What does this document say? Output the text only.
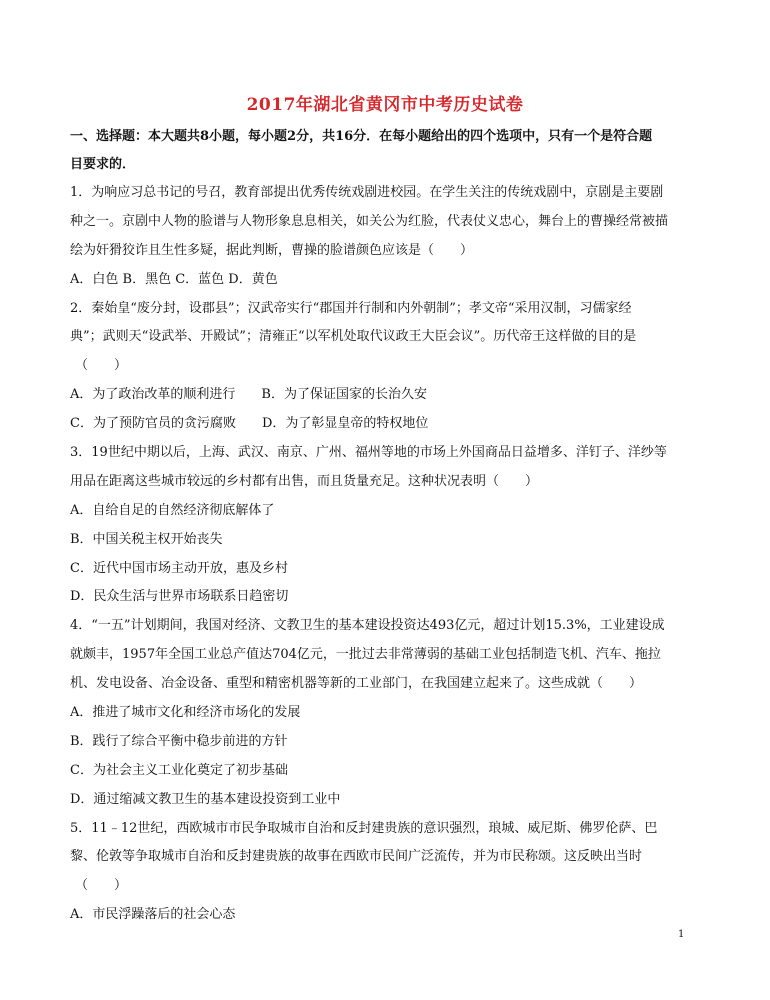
2017年湖北省黄冈市中考历史试卷
一、选择题：本大题共8小题，每小题2分，共16分．在每小题给出的四个选项中，只有一个是符合题
目要求的．
1．为响应习总书记的号召，教育部提出优秀传统戏剧进校园。在学生关注的传统戏剧中，京剧是主要剧
种之一。京剧中人物的脸谱与人物形象息息相关，如关公为红脸，代表仗义忠心，舞台上的曹操经常被描
绘为奸猾狡诈且生性多疑，据此判断，曹操的脸谱颜色应该是（　　）
A．白色 B．黑色 C．蓝色 D．黄色
2．秦始皇“废分封，设郡县”；汉武帝实行“郡国并行制和内外朝制”；孝文帝“采用汉制，习儒家经
典”；武则天“设武举、开殿试”；清雍正“以军机处取代议政王大臣会议”。历代帝王这样做的目的是
（　　）
A．为了政治改革的顺利进行　　B．为了保证国家的长治久安
C．为了预防官员的贪污腐败　　D．为了彰显皇帝的特权地位
3．19世纪中期以后，上海、武汉、南京、广州、福州等地的市场上外国商品日益增多、洋钉子、洋纱等
用品在距离这些城市较远的乡村都有出售，而且货量充足。这种状况表明（　　）
A．自给自足的自然经济彻底解体了
B．中国关税主权开始丧失
C．近代中国市场主动开放，惠及乡村
D．民众生活与世界市场联系日趋密切
4．“一五”计划期间，我国对经济、文教卫生的基本建设投资达493亿元，超过计划15.3%，工业建设成
就颇丰，1957年全国工业总产值达704亿元，一批过去非常薄弱的基础工业包括制造飞机、汽车、拖拉
机、发电设备、冶金设备、重型和精密机器等新的工业部门，在我国建立起来了。这些成就（　　）
A．推进了城市文化和经济市场化的发展
B．践行了综合平衡中稳步前进的方针
C．为社会主义工业化奠定了初步基础
D．通过缩减文教卫生的基本建设投资到工业中
5．11﹣12世纪，西欧城市市民争取城市自治和反封建贵族的意识强烈，琅城、威尼斯、佛罗伦萨、巴
黎、伦敦等争取城市自治和反封建贵族的故事在西欧市民间广泛流传，并为市民称颂。这反映出当时
（　　）
A．市民浮躁落后的社会心态
1
